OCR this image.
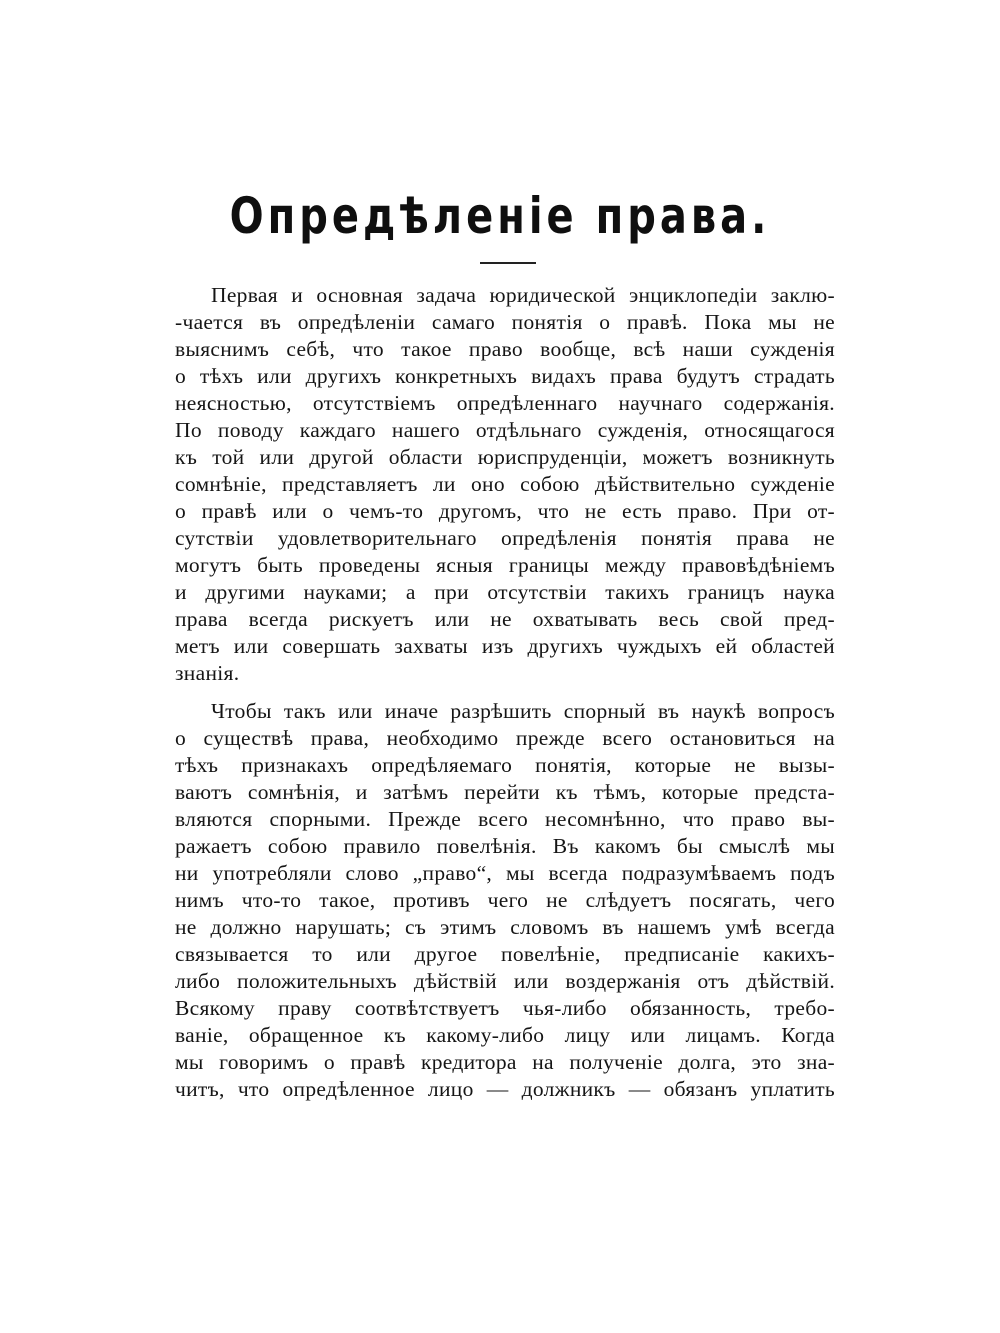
Опредѣленіе права.
Первая и основная задача юридической энциклопедіи заклю-
-чается въ опредѣленіи самаго понятія о правѣ. Пока мы не
выяснимъ себѣ, что такое право вообще, всѣ наши сужденія
о тѣхъ или другихъ конкретныхъ видахъ права будутъ страдать
неясностью, отсутствіемъ опредѣленнаго научнаго содержанія.
По поводу каждаго нашего отдѣльнаго сужденія, относящагося
къ той или другой области юриспруденціи, можетъ возникнуть
сомнѣніе, представляетъ ли оно собою дѣйствительно сужденіе
о правѣ или о чемъ-то другомъ, что не есть право. При от-
сутствіи удовлетворительнаго опредѣленія понятія права не
могутъ быть проведены ясныя границы между правовѣдѣніемъ
и другими науками; а при отсутствіи такихъ границъ наука
права всегда рискуетъ или не охватывать весь свой пред-
метъ или совершать захваты изъ другихъ чуждыхъ ей областей
знанія.
Чтобы такъ или иначе разрѣшить спорный въ наукѣ вопросъ
о существѣ права, необходимо прежде всего остановиться на
тѣхъ признакахъ опредѣляемаго понятія, которые не вызы-
ваютъ сомнѣнія, и затѣмъ перейти къ тѣмъ, которые предста-
вляются спорными. Прежде всего несомнѣнно, что право вы-
ражаетъ собою правило повелѣнія. Въ какомъ бы смыслѣ мы
ни употребляли слово „право“, мы всегда подразумѣваемъ подъ
нимъ что-то такое, противъ чего не слѣдуетъ посягать, чего
не должно нарушать; съ этимъ словомъ въ нашемъ умѣ всегда
связывается то или другое повелѣніе, предписаніе какихъ-
либо положительныхъ дѣйствій или воздержанія отъ дѣйствій.
Всякому праву соотвѣтствуетъ чья-либо обязанность, требо-
ваніе, обращенное къ какому-либо лицу или лицамъ. Когда
мы говоримъ о правѣ кредитора на полученіе долга, это зна-
читъ, что опредѣленное лицо — должникъ — обязанъ уплатить
